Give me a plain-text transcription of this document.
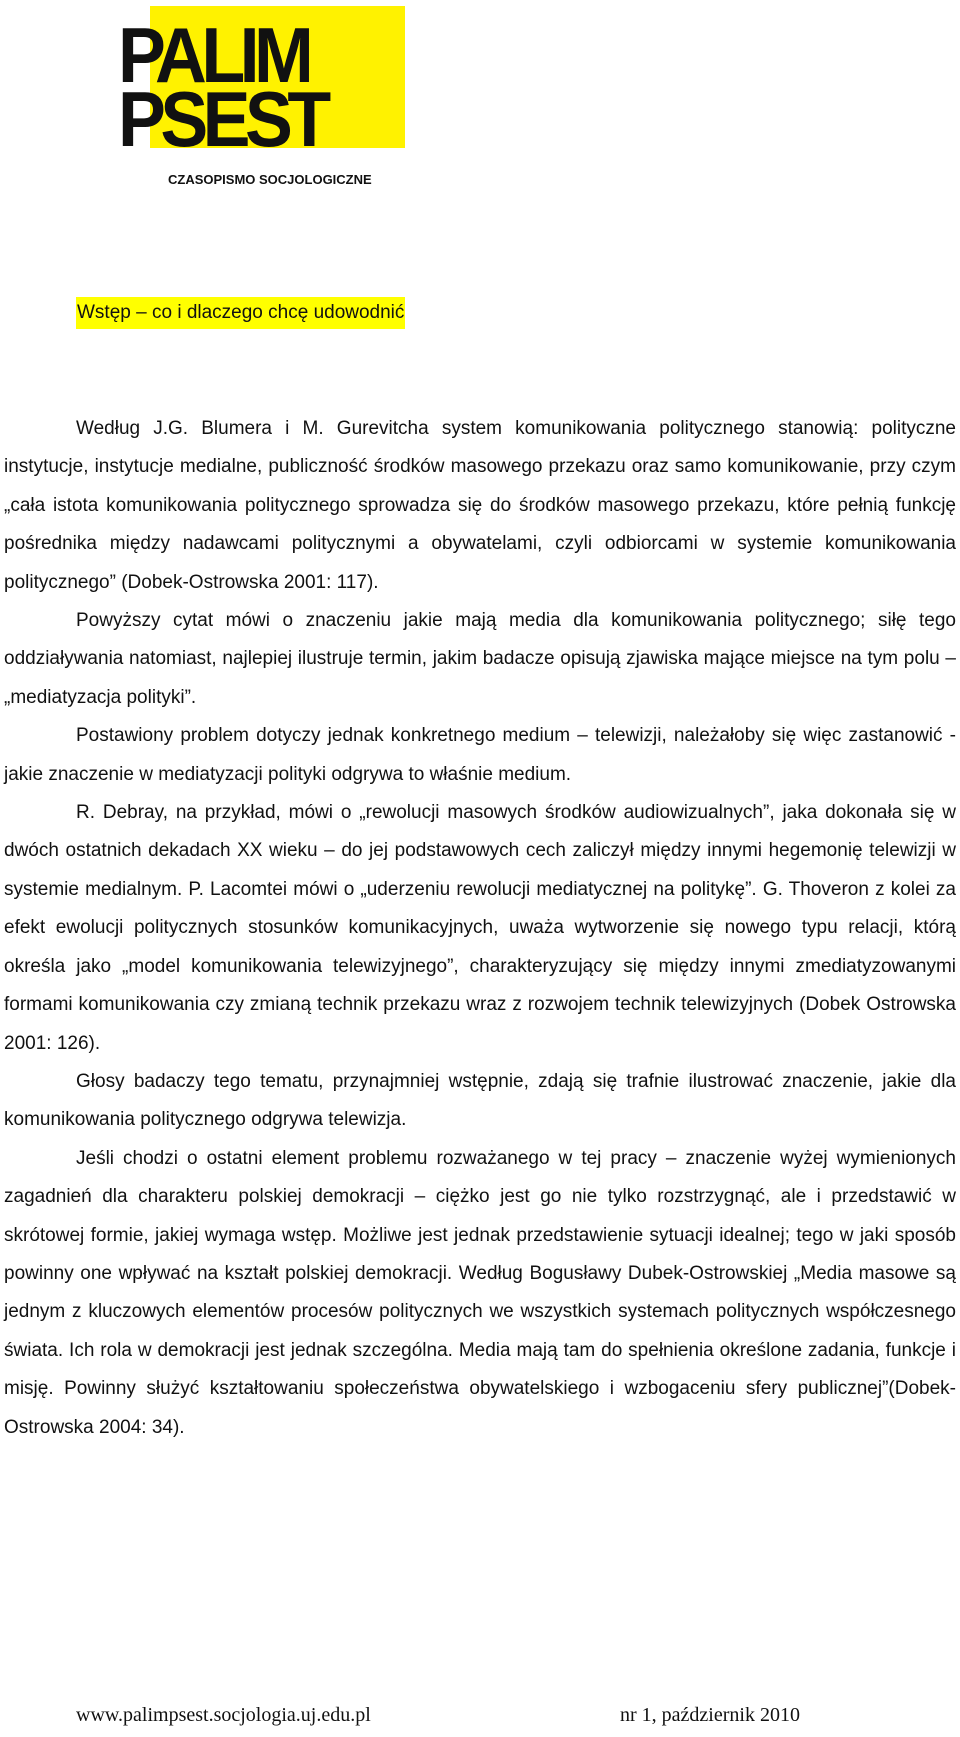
PALIM
PSEST
CZASOPISMO SOCJOLOGICZNE
Wstęp – co i dlaczego chcę udowodnić

Według J.G. Blumera i M. Gurevitcha system komunikowania politycznego stanowią: polityczne instytucje, instytucje medialne, publiczność środków masowego przekazu oraz samo komunikowanie, przy czym „cała istota komunikowania politycznego sprowadza się do środków masowego przekazu, które pełnią funkcję pośrednika między nadawcami politycznymi a obywatelami, czyli odbiorcami w systemie komunikowania politycznego” (Dobek-Ostrowska 2001: 117).

Powyższy cytat mówi o znaczeniu jakie mają media dla komunikowania politycznego; siłę tego oddziaływania natomiast, najlepiej ilustruje termin, jakim badacze opisują zjawiska mające miejsce na tym polu – „mediatyzacja polityki”.

Postawiony problem dotyczy jednak konkretnego medium – telewizji, należałoby się więc zastanowić - jakie znaczenie w mediatyzacji polityki odgrywa to właśnie medium.

R. Debray, na przykład, mówi o „rewolucji masowych środków audiowizualnych”, jaka dokonała się w dwóch ostatnich dekadach XX wieku – do jej podstawowych cech zaliczył między innymi hegemonię telewizji w systemie medialnym. P. Lacomtei mówi o „uderzeniu rewolucji mediatycznej na politykę”. G. Thoveron z kolei za efekt ewolucji politycznych stosunków komunikacyjnych, uważa wytworzenie się nowego typu relacji, którą określa jako „model komunikowania telewizyjnego”, charakteryzujący się między innymi zmediatyzowanymi formami komunikowania czy zmianą technik przekazu wraz z rozwojem technik telewizyjnych (Dobek Ostrowska 2001: 126).

Głosy badaczy tego tematu, przynajmniej wstępnie, zdają się trafnie ilustrować znaczenie, jakie dla komunikowania politycznego odgrywa telewizja.

Jeśli chodzi o ostatni element problemu rozważanego w tej pracy – znaczenie wyżej wymienionych zagadnień dla charakteru polskiej demokracji – ciężko jest go nie tylko rozstrzygnąć, ale i przedstawić w skrótowej formie, jakiej wymaga wstęp. Możliwe jest jednak przedstawienie sytuacji idealnej; tego w jaki sposób powinny one wpływać na kształt polskiej demokracji. Według Bogusławy Dubek-Ostrowskiej „Media masowe są jednym z kluczowych elementów procesów politycznych we wszystkich systemach politycznych współczesnego świata. Ich rola w demokracji jest jednak szczególna. Media mają tam do spełnienia określone zadania, funkcje i misję. Powinny służyć kształtowaniu społeczeństwa obywatelskiego i wzbogaceniu sfery publicznej”(Dobek-Ostrowska 2004: 34).

www.palimpsest.socjologia.uj.edu.pl	nr 1, październik 2010
